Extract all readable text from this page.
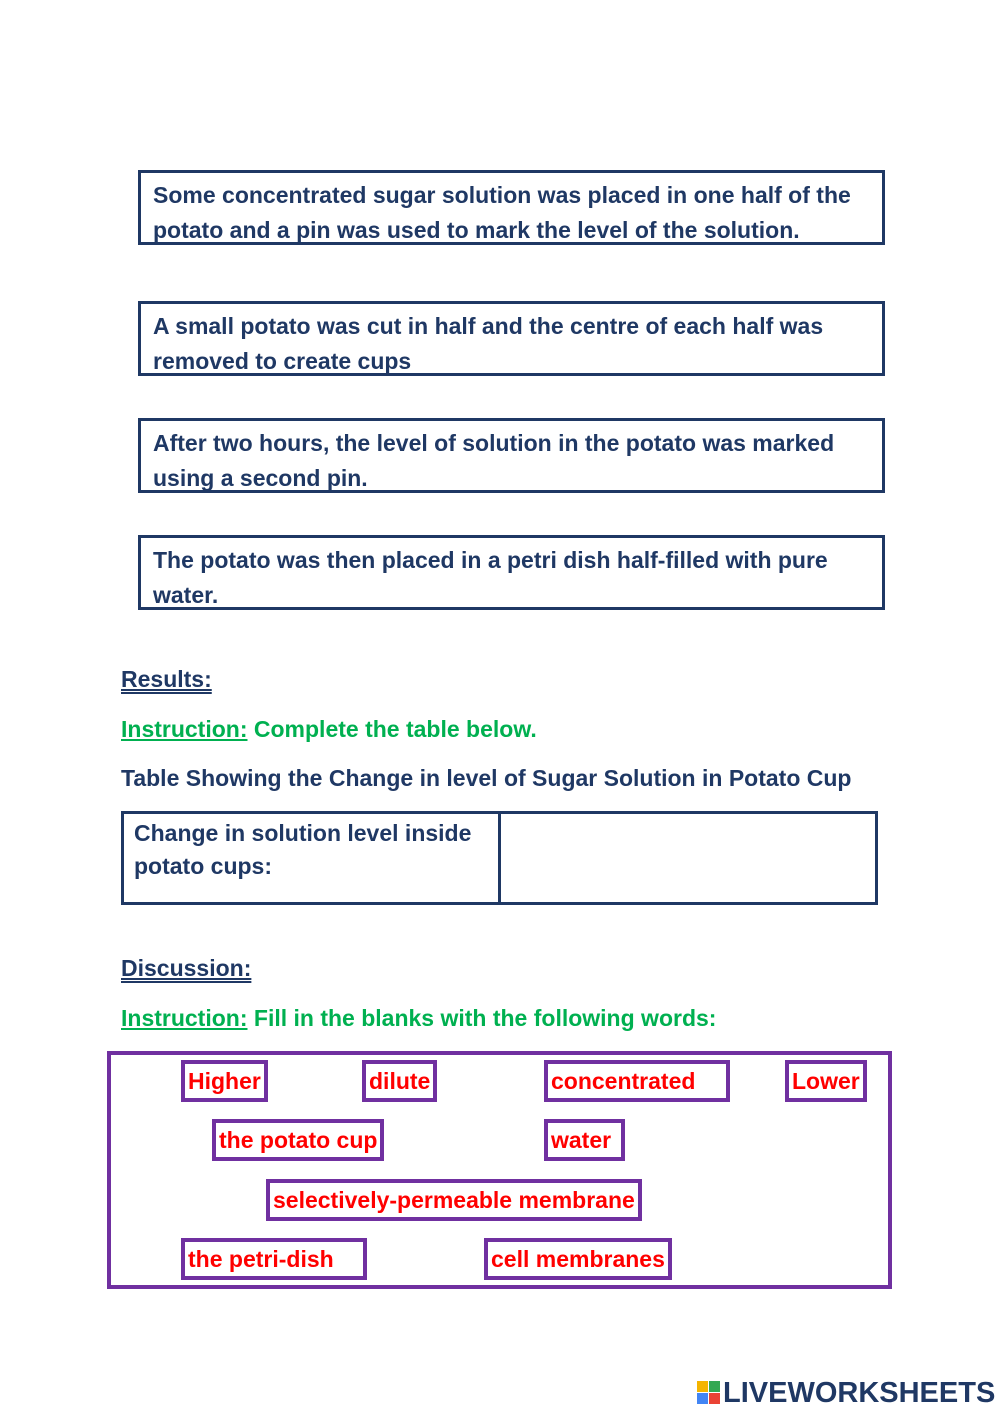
Some concentrated sugar solution was placed in one half of the potato and a pin was used to mark the level of the solution.
A small potato was cut in half and the centre of each half was removed to create cups
After two hours, the level of solution in the potato was marked using a second pin.
The potato was then placed in a petri dish half-filled with pure water.
Results:
Instruction: Complete the table below.
Table Showing the Change in level of Sugar Solution in Potato Cup
Change in solution level inside potato cups:
Discussion:
Instruction: Fill in the blanks with the following words:
Higher	dilute	concentrated	Lower
the potato cup	water
selectively-permeable membrane
the petri-dish	cell membranes
LIVEWORKSHEETS
